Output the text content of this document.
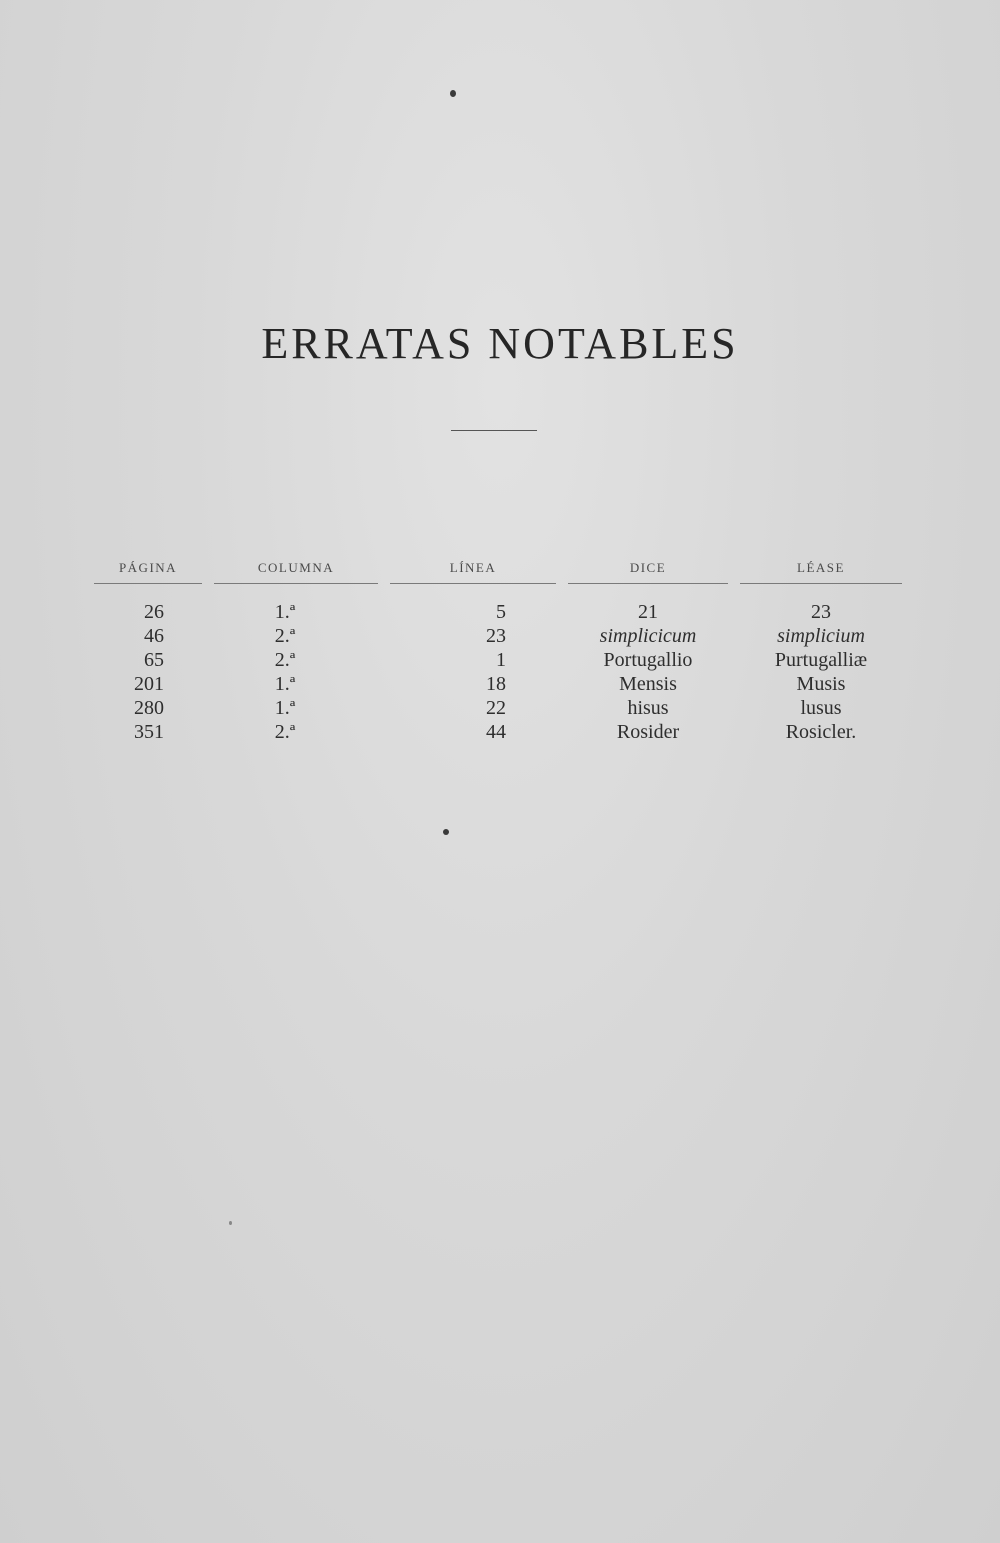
ERRATAS NOTABLES
PÁGINA	COLUMNA	LÍNEA	DICE	LÉASE

26	1.ª	5	21	23
46	2.ª	23	simplicicum	simplicium
65	2.ª	1	Portugallio	Purtugalliæ
201	1.ª	18	Mensis	Musis
280	1.ª	22	hisus	lusus
351	2.ª	44	Rosider	Rosicler.
